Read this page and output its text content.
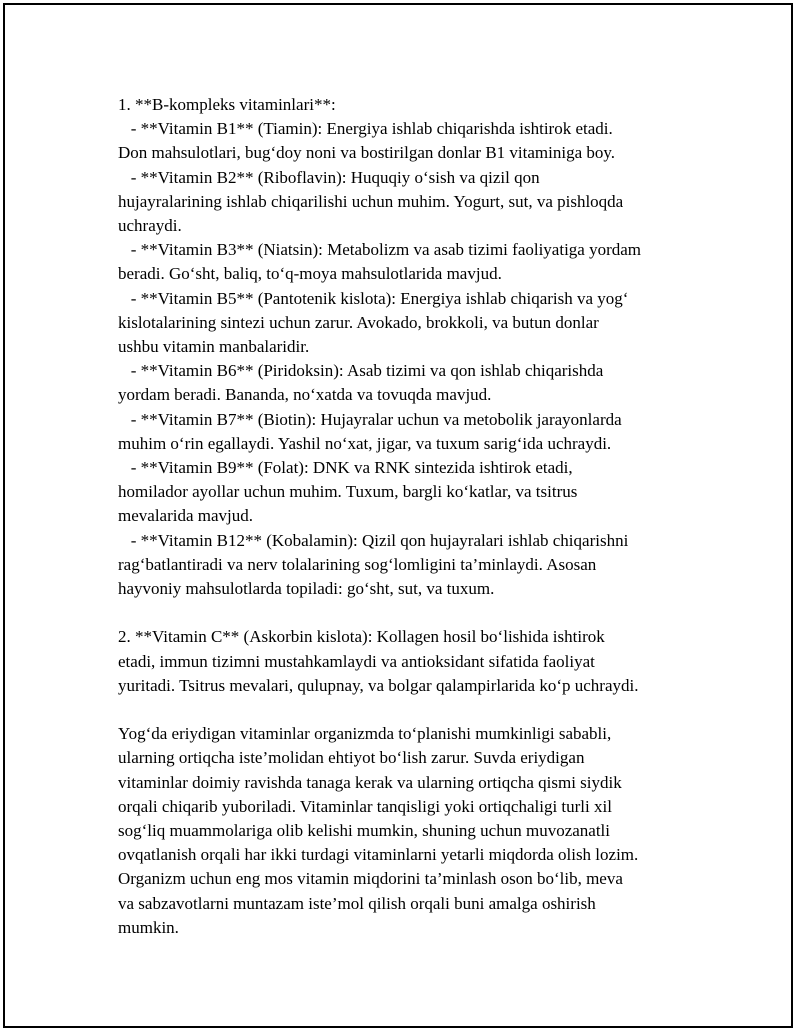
1. **B-kompleks vitaminlari**:

- **Vitamin B1** (Tiamin): Energiya ishlab chiqarishda ishtirok etadi.

Don mahsulotlari, bug‘doy noni va bostirilgan donlar B1 vitaminiga boy.

- **Vitamin B2** (Riboflavin): Huquqiy o‘sish va qizil qon

hujayralarining ishlab chiqarilishi uchun muhim. Yogurt, sut, va pishloqda

uchraydi.

- **Vitamin B3** (Niatsin): Metabolizm va asab tizimi faoliyatiga yordam

beradi. Go‘sht, baliq, to‘q-moya mahsulotlarida mavjud.

- **Vitamin B5** (Pantotenik kislota): Energiya ishlab chiqarish va yog‘

kislotalarining sintezi uchun zarur. Avokado, brokkoli, va butun donlar

ushbu vitamin manbalaridir.

- **Vitamin B6** (Piridoksin): Asab tizimi va qon ishlab chiqarishda

yordam beradi. Bananda, no‘xatda va tovuqda mavjud.

- **Vitamin B7** (Biotin): Hujayralar uchun va metobolik jarayonlarda

muhim o‘rin egallaydi. Yashil no‘xat, jigar, va tuxum sarig‘ida uchraydi.

- **Vitamin B9** (Folat): DNK va RNK sintezida ishtirok etadi,

homilador ayollar uchun muhim. Tuxum, bargli ko‘katlar, va tsitrus

mevalarida mavjud.

- **Vitamin B12** (Kobalamin): Qizil qon hujayralari ishlab chiqarishni

rag‘batlantiradi va nerv tolalarining sog‘lomligini ta’minlaydi. Asosan

hayvoniy mahsulotlarda topiladi: go‘sht, sut, va tuxum.

2. **Vitamin C** (Askorbin kislota): Kollagen hosil bo‘lishida ishtirok

etadi, immun tizimni mustahkamlaydi va antioksidant sifatida faoliyat

yuritadi. Tsitrus mevalari, qulupnay, va bolgar qalampirlarida ko‘p uchraydi.

Yog‘da eriydigan vitaminlar organizmda to‘planishi mumkinligi sababli,

ularning ortiqcha iste’molidan ehtiyot bo‘lish zarur. Suvda eriydigan

vitaminlar doimiy ravishda tanaga kerak va ularning ortiqcha qismi siydik

orqali chiqarib yuboriladi. Vitaminlar tanqisligi yoki ortiqchaligi turli xil

sog‘liq muammolariga olib kelishi mumkin, shuning uchun muvozanatli

ovqatlanish orqali har ikki turdagi vitaminlarni yetarli miqdorda olish lozim.

Organizm uchun eng mos vitamin miqdorini ta’minlash oson bo‘lib, meva

va sabzavotlarni muntazam iste’mol qilish orqali buni amalga oshirish

mumkin.
